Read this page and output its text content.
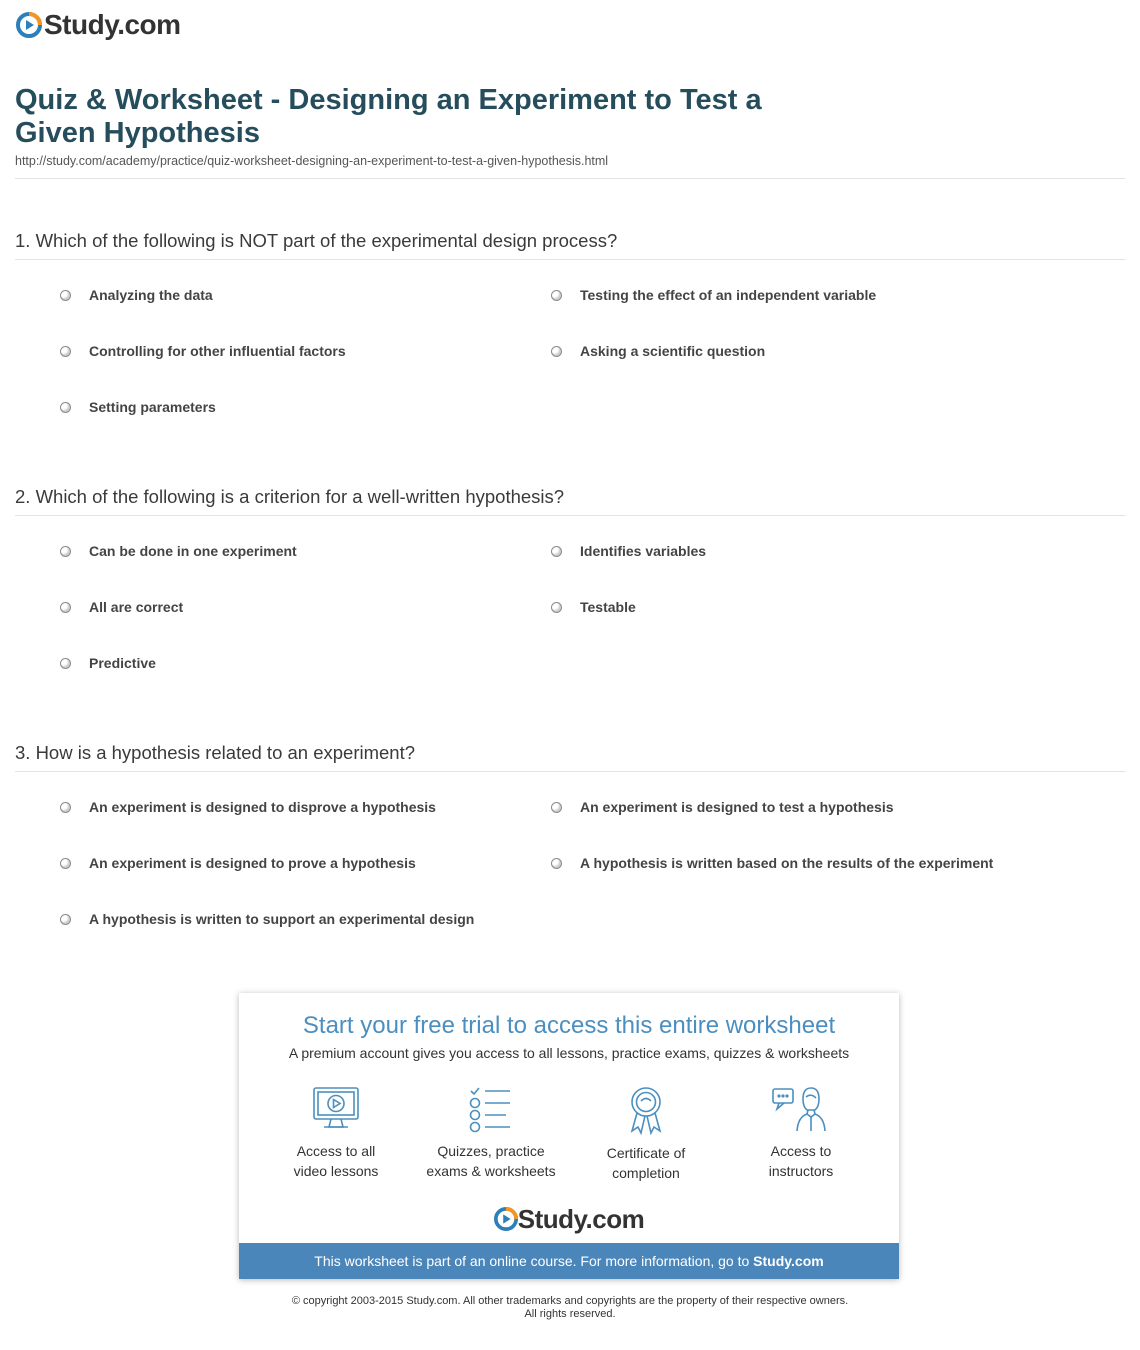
Study.com
Quiz & Worksheet - Designing an Experiment to Test a Given Hypothesis
http://study.com/academy/practice/quiz-worksheet-designing-an-experiment-to-test-a-given-hypothesis.html
1. Which of the following is NOT part of the experimental design process?
Analyzing the data	Testing the effect of an independent variable
Controlling for other influential factors	Asking a scientific question
Setting parameters
2. Which of the following is a criterion for a well-written hypothesis?
Can be done in one experiment	Identifies variables
All are correct	Testable
Predictive
3. How is a hypothesis related to an experiment?
An experiment is designed to disprove a hypothesis	An experiment is designed to test a hypothesis
An experiment is designed to prove a hypothesis	A hypothesis is written based on the results of the experiment
A hypothesis is written to support an experimental design
Start your free trial to access this entire worksheet
A premium account gives you access to all lessons, practice exams, quizzes & worksheets
Access to all
video lessons
Quizzes, practice
exams & worksheets
Certificate of
completion
Access to
instructors
Study.com
This worksheet is part of an online course. For more information, go to Study.com
© copyright 2003-2015 Study.com. All other trademarks and copyrights are the property of their respective owners.
All rights reserved.
